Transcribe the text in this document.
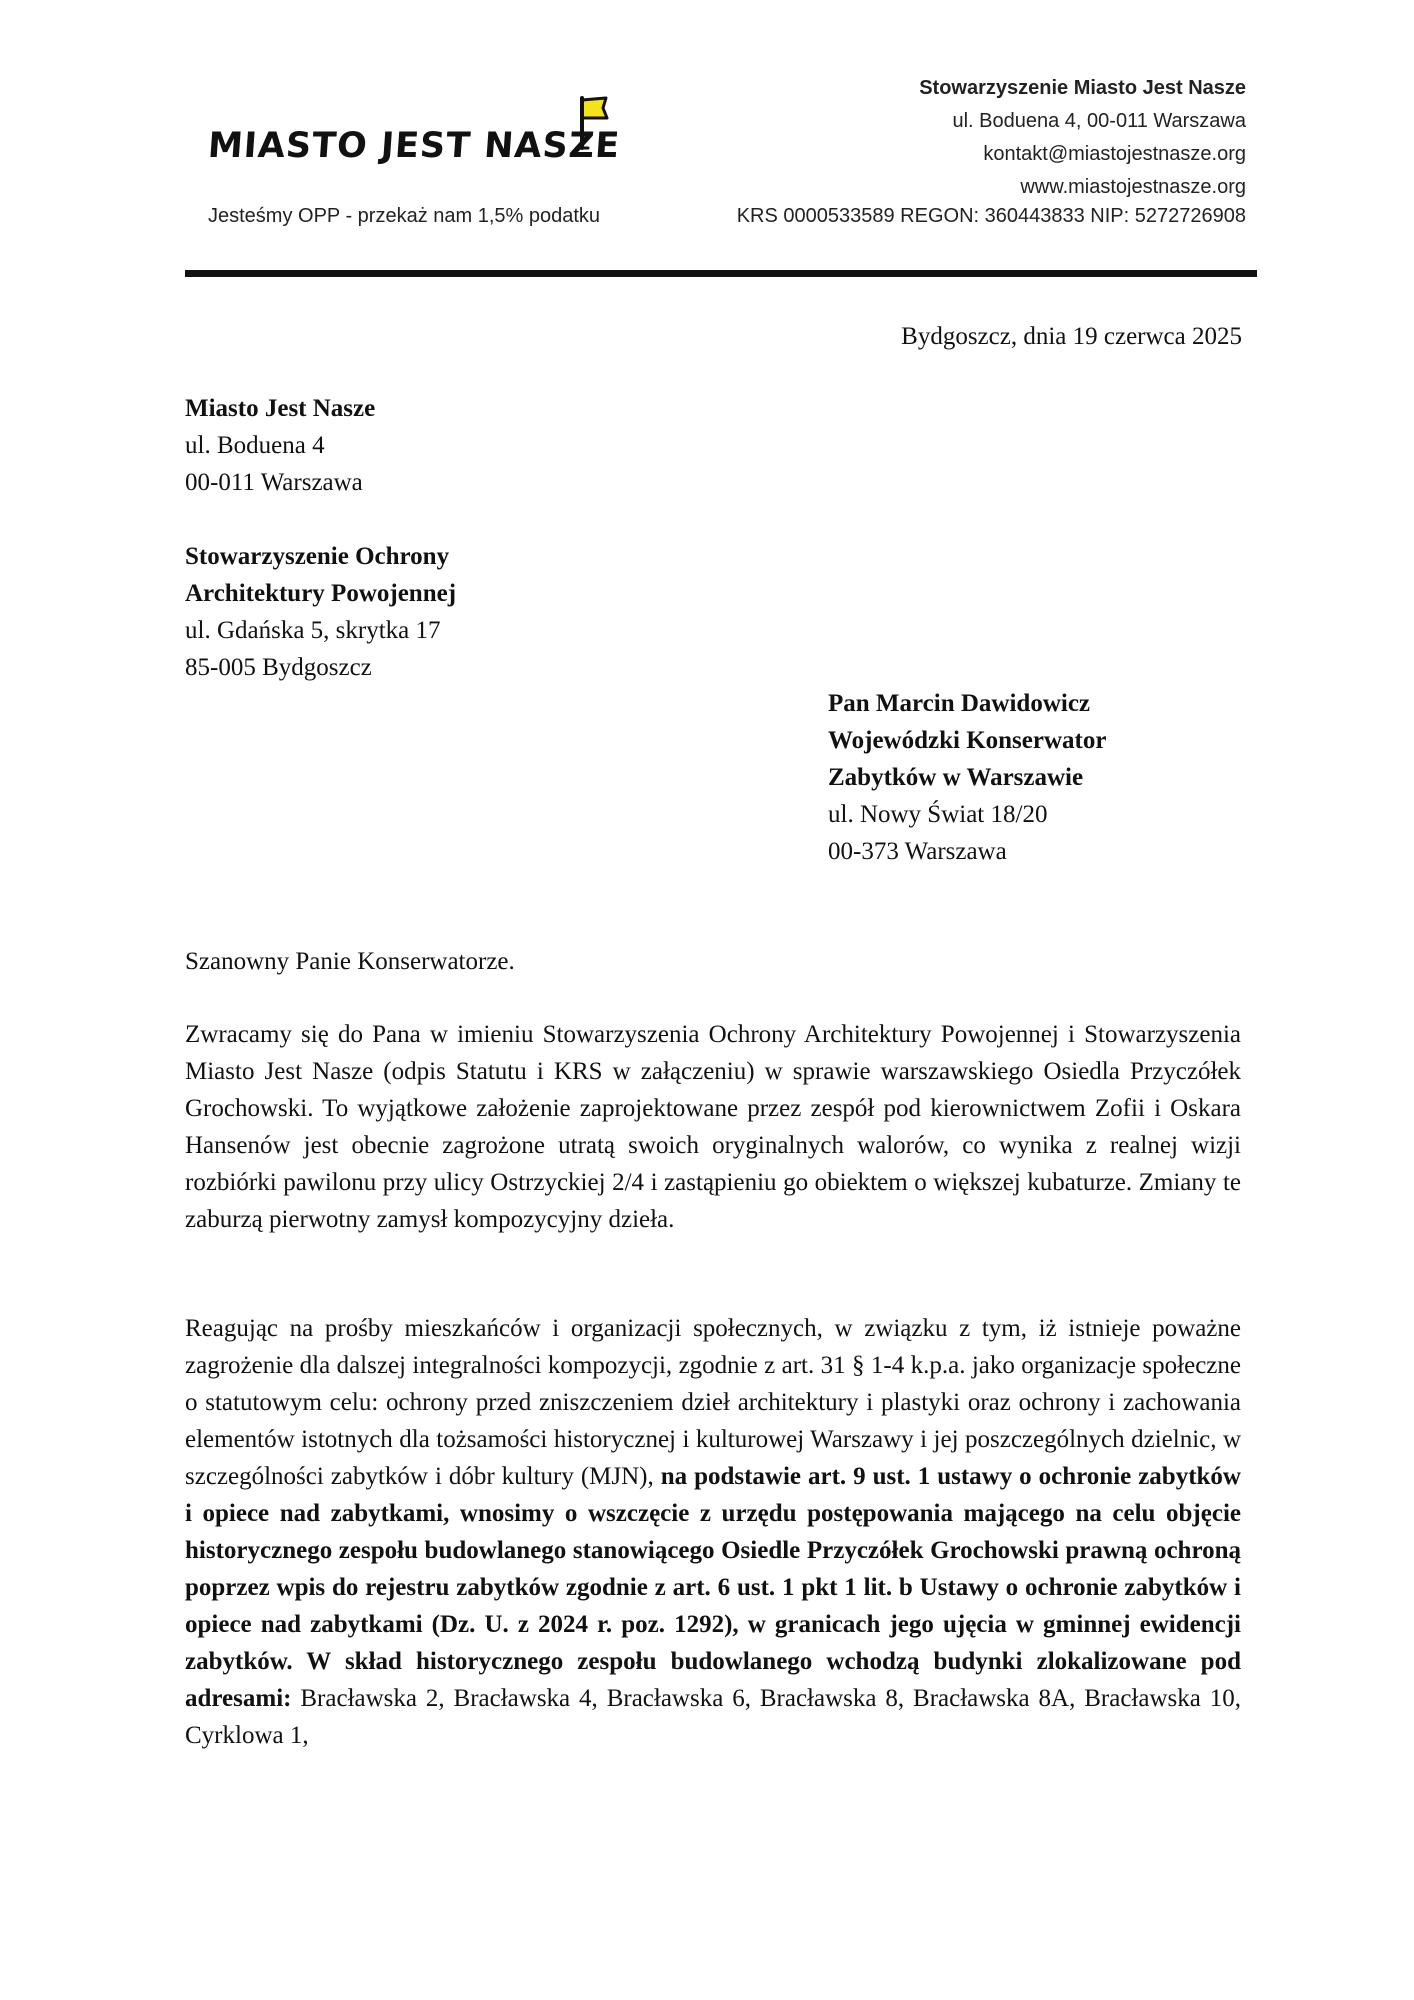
MIASTO JEST NASZE
Jesteśmy OPP - przekaż nam 1,5% podatku
Stowarzyszenie Miasto Jest Nasze
ul. Boduena 4, 00-011 Warszawa
kontakt@miastojestnasze.org
www.miastojestnasze.org
KRS 0000533589 REGON: 360443833 NIP: 5272726908
Bydgoszcz, dnia 19 czerwca 2025
Miasto Jest Nasze
ul. Boduena 4
00-011 Warszawa
Stowarzyszenie Ochrony
Architektury Powojennej
ul. Gdańska 5, skrytka 17
85-005 Bydgoszcz
Pan Marcin Dawidowicz
Wojewódzki Konserwator
Zabytków w Warszawie
ul. Nowy Świat 18/20
00-373 Warszawa
Szanowny Panie Konserwatorze.

Zwracamy się do Pana w imieniu Stowarzyszenia Ochrony Architektury Powojennej i Stowarzyszenia Miasto Jest Nasze (odpis Statutu i KRS w załączeniu) w sprawie warszawskiego Osiedla Przyczółek Grochowski. To wyjątkowe założenie zaprojektowane przez zespół pod kierownictwem Zofii i Oskara Hansenów jest obecnie zagrożone utratą swoich oryginalnych walorów, co wynika z realnej wizji rozbiórki pawilonu przy ulicy Ostrzyckiej 2/4 i zastąpieniu go obiektem o większej kubaturze. Zmiany te zaburzą pierwotny zamysł kompozycyjny dzieła.

Reagując na prośby mieszkańców i organizacji społecznych, w związku z tym, iż istnieje poważne zagrożenie dla dalszej integralności kompozycji, zgodnie z art. 31 § 1-4 k.p.a. jako organizacje społeczne o statutowym celu: ochrony przed zniszczeniem dzieł architektury i plastyki oraz ochrony i zachowania elementów istotnych dla tożsamości historycznej i kulturowej Warszawy i jej poszczególnych dzielnic, w szczególności zabytków i dóbr kultury (MJN), na podstawie art. 9 ust. 1 ustawy o ochronie zabytków i opiece nad zabytkami, wnosimy o wszczęcie z urzędu postępowania mającego na celu objęcie historycznego zespołu budowlanego stanowiącego Osiedle Przyczółek Grochowski prawną ochroną poprzez wpis do rejestru zabytków zgodnie z art. 6 ust. 1 pkt 1 lit. b Ustawy o ochronie zabytków i opiece nad zabytkami (Dz. U. z 2024 r. poz. 1292), w granicach jego ujęcia w gminnej ewidencji zabytków. W skład historycznego zespołu budowlanego wchodzą budynki zlokalizowane pod adresami: Bracławska 2, Bracławska 4, Bracławska 6, Bracławska 8, Bracławska 8A, Bracławska 10, Cyrklowa 1,
